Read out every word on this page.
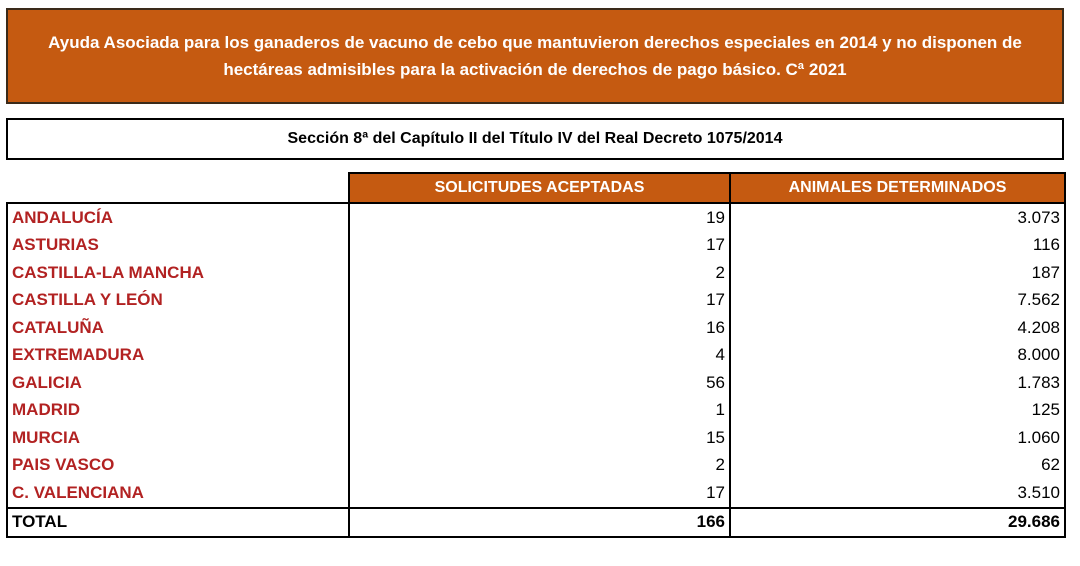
Ayuda Asociada para los ganaderos de vacuno de cebo que mantuvieron derechos especiales en 2014 y no disponen de hectáreas admisibles para la activación de derechos de pago básico. Cª 2021
Sección 8ª del Capítulo II del Título IV del Real Decreto 1075/2014
	SOLICITUDES ACEPTADAS	ANIMALES DETERMINADOS
ANDALUCÍA	19	3.073
ASTURIAS	17	116
CASTILLA-LA MANCHA	2	187
CASTILLA Y LEÓN	17	7.562
CATALUÑA	16	4.208
EXTREMADURA	4	8.000
GALICIA	56	1.783
MADRID	1	125
MURCIA	15	1.060
PAIS VASCO	2	62
C. VALENCIANA	17	3.510
TOTAL	166	29.686
